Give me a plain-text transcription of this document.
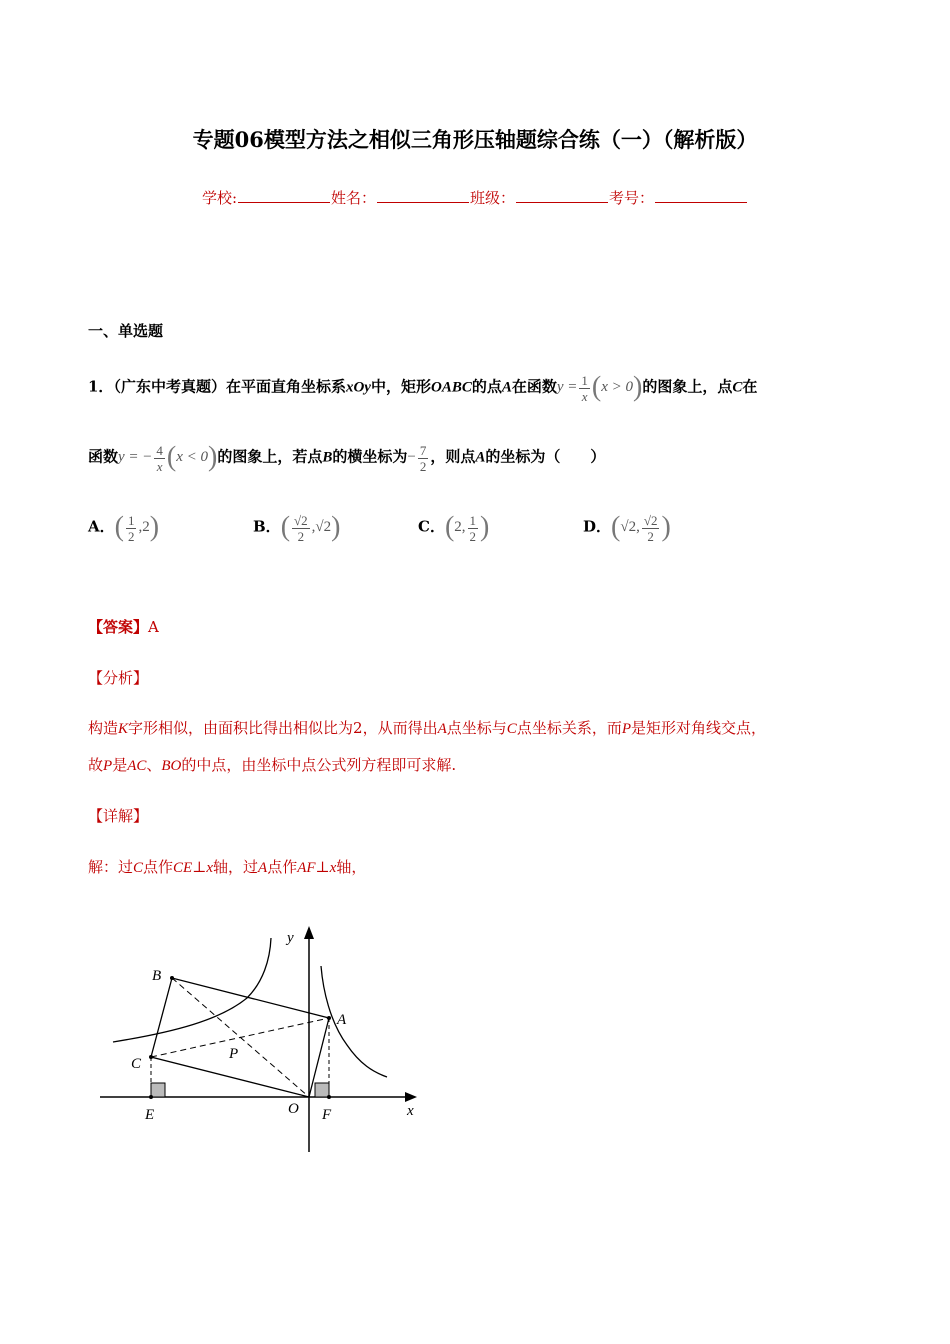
专题06模型方法之相似三角形压轴题综合练（一）（解析版）
学校:	姓名：	班级：	考号：
一、单选题
1．（广东中考真题）在平面直角坐标系xOy中，矩形OABC的点A在函数$y = \frac{1}{x} (x > 0)$的图象上，点C在
函数y = − $\frac{4}{x} (x < 0)$的图象上，若点B的横坐标为− $\frac{7}{2}$ ，则点A的坐标为（　　）
A．( $\frac{1}{2} ,2$)	B．( $\frac{√2}{2} ,√2$)	C．(2, $\frac{1}{2}$ )	D．(√2, $\frac{√2}{2}$ )
【答案】A
【分析】
构造K字形相似，由面积比得出相似比为2，从而得出A点坐标与C点坐标关系，而P是矩形对角线交点，
故P是AC、BO的中点，由坐标中点公式列方程即可求解.
【详解】
解：过C点作CE⊥x轴，过A点作AF⊥x轴，
y
x
B
A
C
P
E	O F
